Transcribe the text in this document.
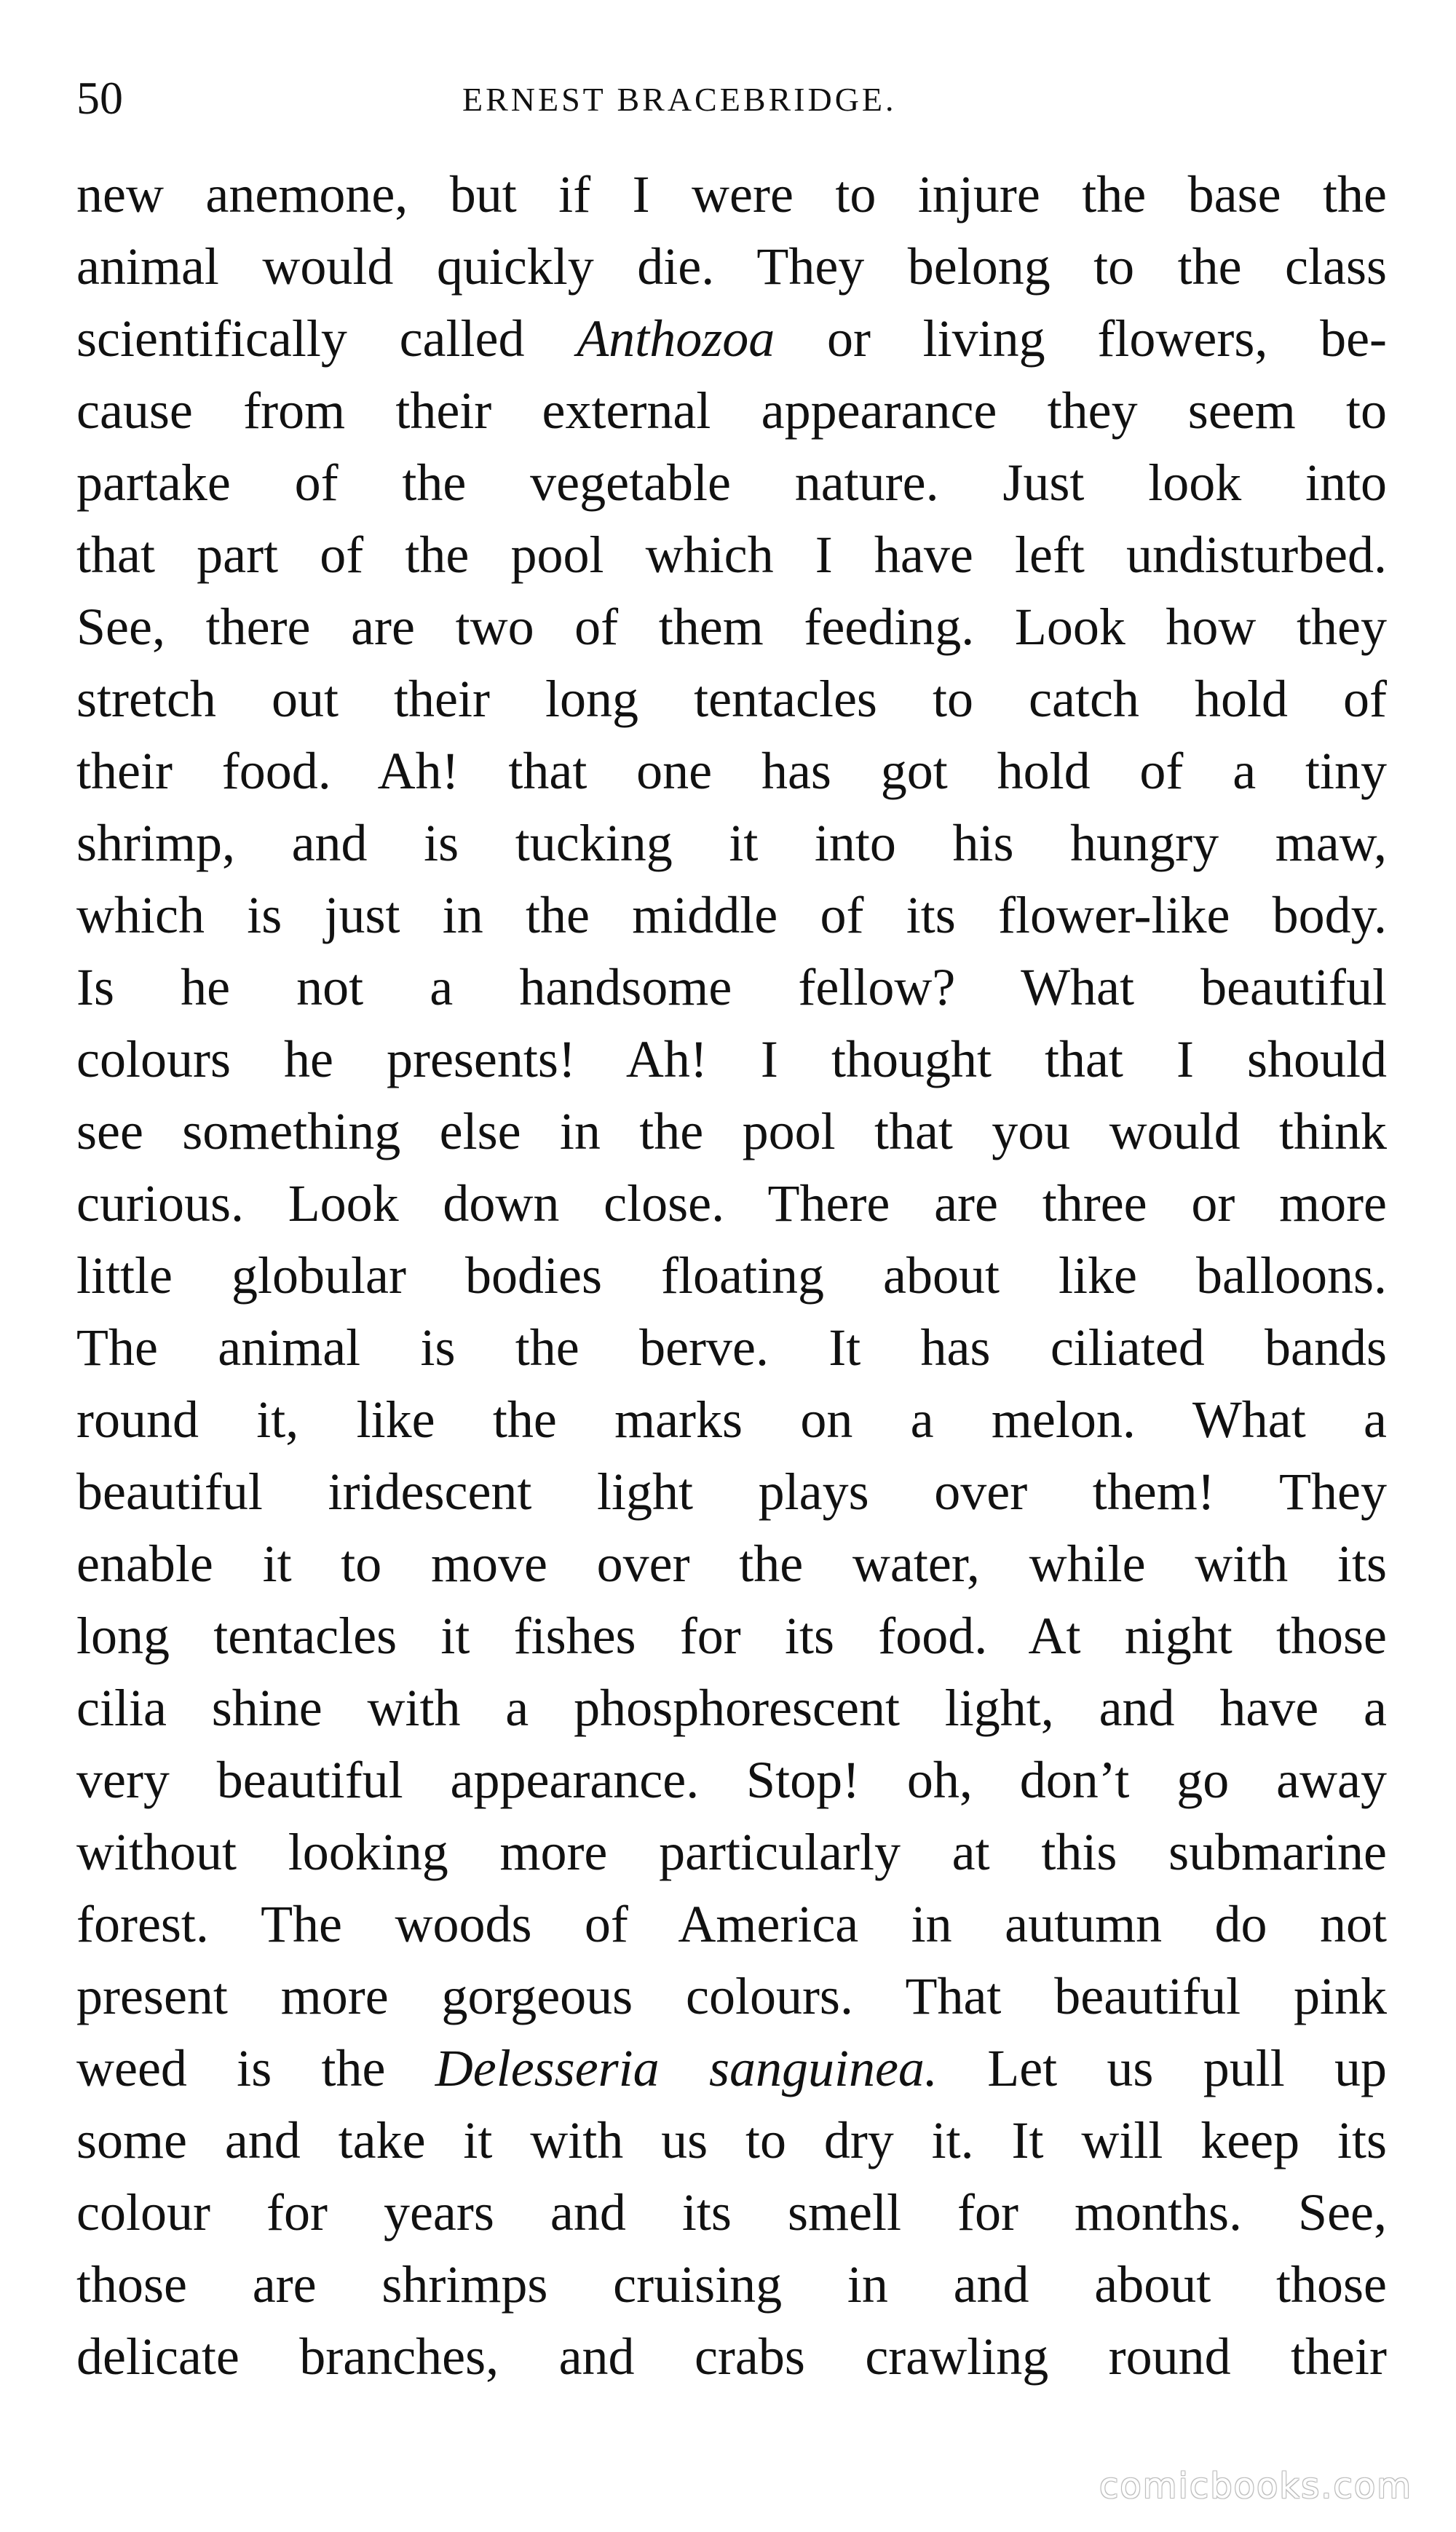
50	ERNEST BRACEBRIDGE.
new anemone, but if I were to injure the base the
animal would quickly die. They belong to the class
scientifically called Anthozoa or living flowers, be-
cause from their external appearance they seem to
partake of the vegetable nature. Just look into
that part of the pool which I have left undisturbed.
See, there are two of them feeding. Look how they
stretch out their long tentacles to catch hold of
their food. Ah! that one has got hold of a tiny
shrimp, and is tucking it into his hungry maw,
which is just in the middle of its flower-like body.
Is he not a handsome fellow? What beautiful
colours he presents! Ah! I thought that I should
see something else in the pool that you would think
curious. Look down close. There are three or more
little globular bodies floating about like balloons.
The animal is the berve. It has ciliated bands
round it, like the marks on a melon. What a
beautiful iridescent light plays over them! They
enable it to move over the water, while with its
long tentacles it fishes for its food. At night those
cilia shine with a phosphorescent light, and have a
very beautiful appearance. Stop! oh, don’t go away
without looking more particularly at this submarine
forest. The woods of America in autumn do not
present more gorgeous colours. That beautiful pink
weed is the Delesseria sanguinea. Let us pull up
some and take it with us to dry it. It will keep its
colour for years and its smell for months. See,
those are shrimps cruising in and about those
delicate branches, and crabs crawling round their
comicbooks.com
